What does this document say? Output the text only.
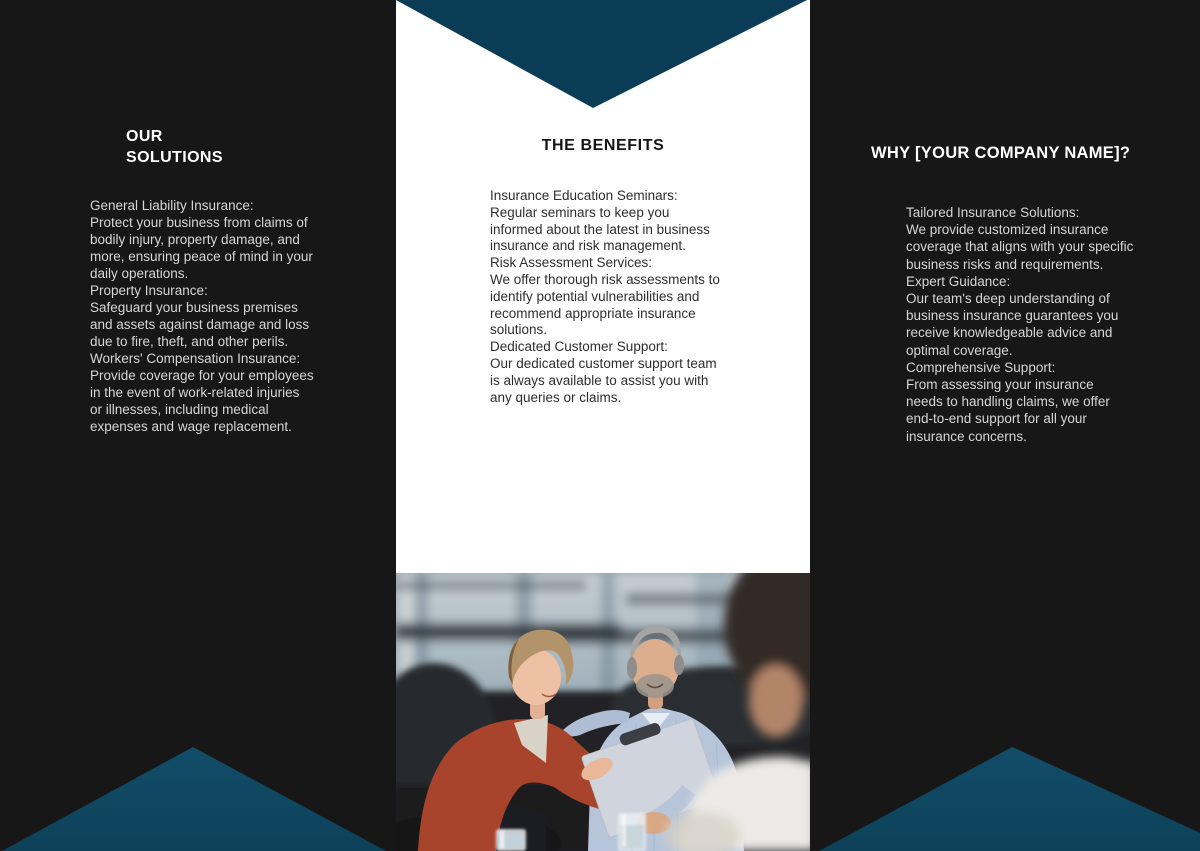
OUR
SOLUTIONS
General Liability Insurance:
Protect your business from claims of bodily injury, property damage, and more, ensuring peace of mind in your daily operations.
Property Insurance:
Safeguard your business premises and assets against damage and loss due to fire, theft, and other perils.
Workers' Compensation Insurance:
Provide coverage for your employees in the event of work-related injuries or illnesses, including medical expenses and wage replacement.
THE BENEFITS
Insurance Education Seminars:
Regular seminars to keep you informed about the latest in business insurance and risk management.
Risk Assessment Services:
We offer thorough risk assessments to identify potential vulnerabilities and recommend appropriate insurance solutions.
Dedicated Customer Support:
Our dedicated customer support team is always available to assist you with any queries or claims.
WHY [YOUR COMPANY NAME]?
Tailored Insurance Solutions:
We provide customized insurance coverage that aligns with your specific business risks and requirements.
Expert Guidance:
Our team's deep understanding of business insurance guarantees you receive knowledgeable advice and optimal coverage.
Comprehensive Support:
From assessing your insurance needs to handling claims, we offer end-to-end support for all your insurance concerns.
